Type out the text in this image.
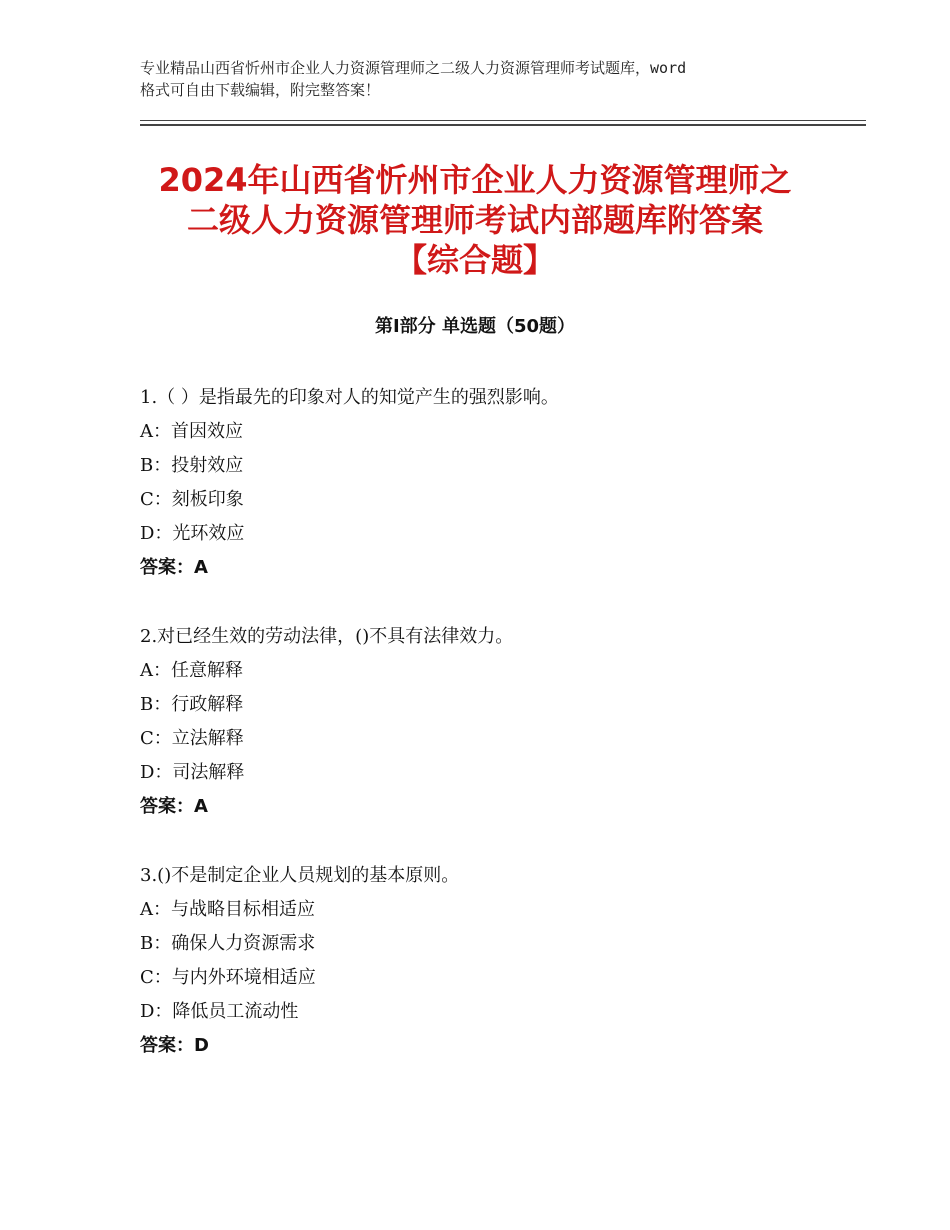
专业精品山西省忻州市企业人力资源管理师之二级人力资源管理师考试题库，word
格式可自由下载编辑，附完整答案！
2024年山西省忻州市企业人力资源管理师之
二级人力资源管理师考试内部题库附答案
【综合题】
第Ⅰ部分 单选题（50题）
1.（ ）是指最先的印象对人的知觉产生的强烈影响。
A：首因效应
B：投射效应
C：刻板印象
D：光环效应
答案：A
2.对已经生效的劳动法律，()不具有法律效力。
A：任意解释
B：行政解释
C：立法解释
D：司法解释
答案：A
3.()不是制定企业人员规划的基本原则。
A：与战略目标相适应
B：确保人力资源需求
C：与内外环境相适应
D：降低员工流动性
答案：D
